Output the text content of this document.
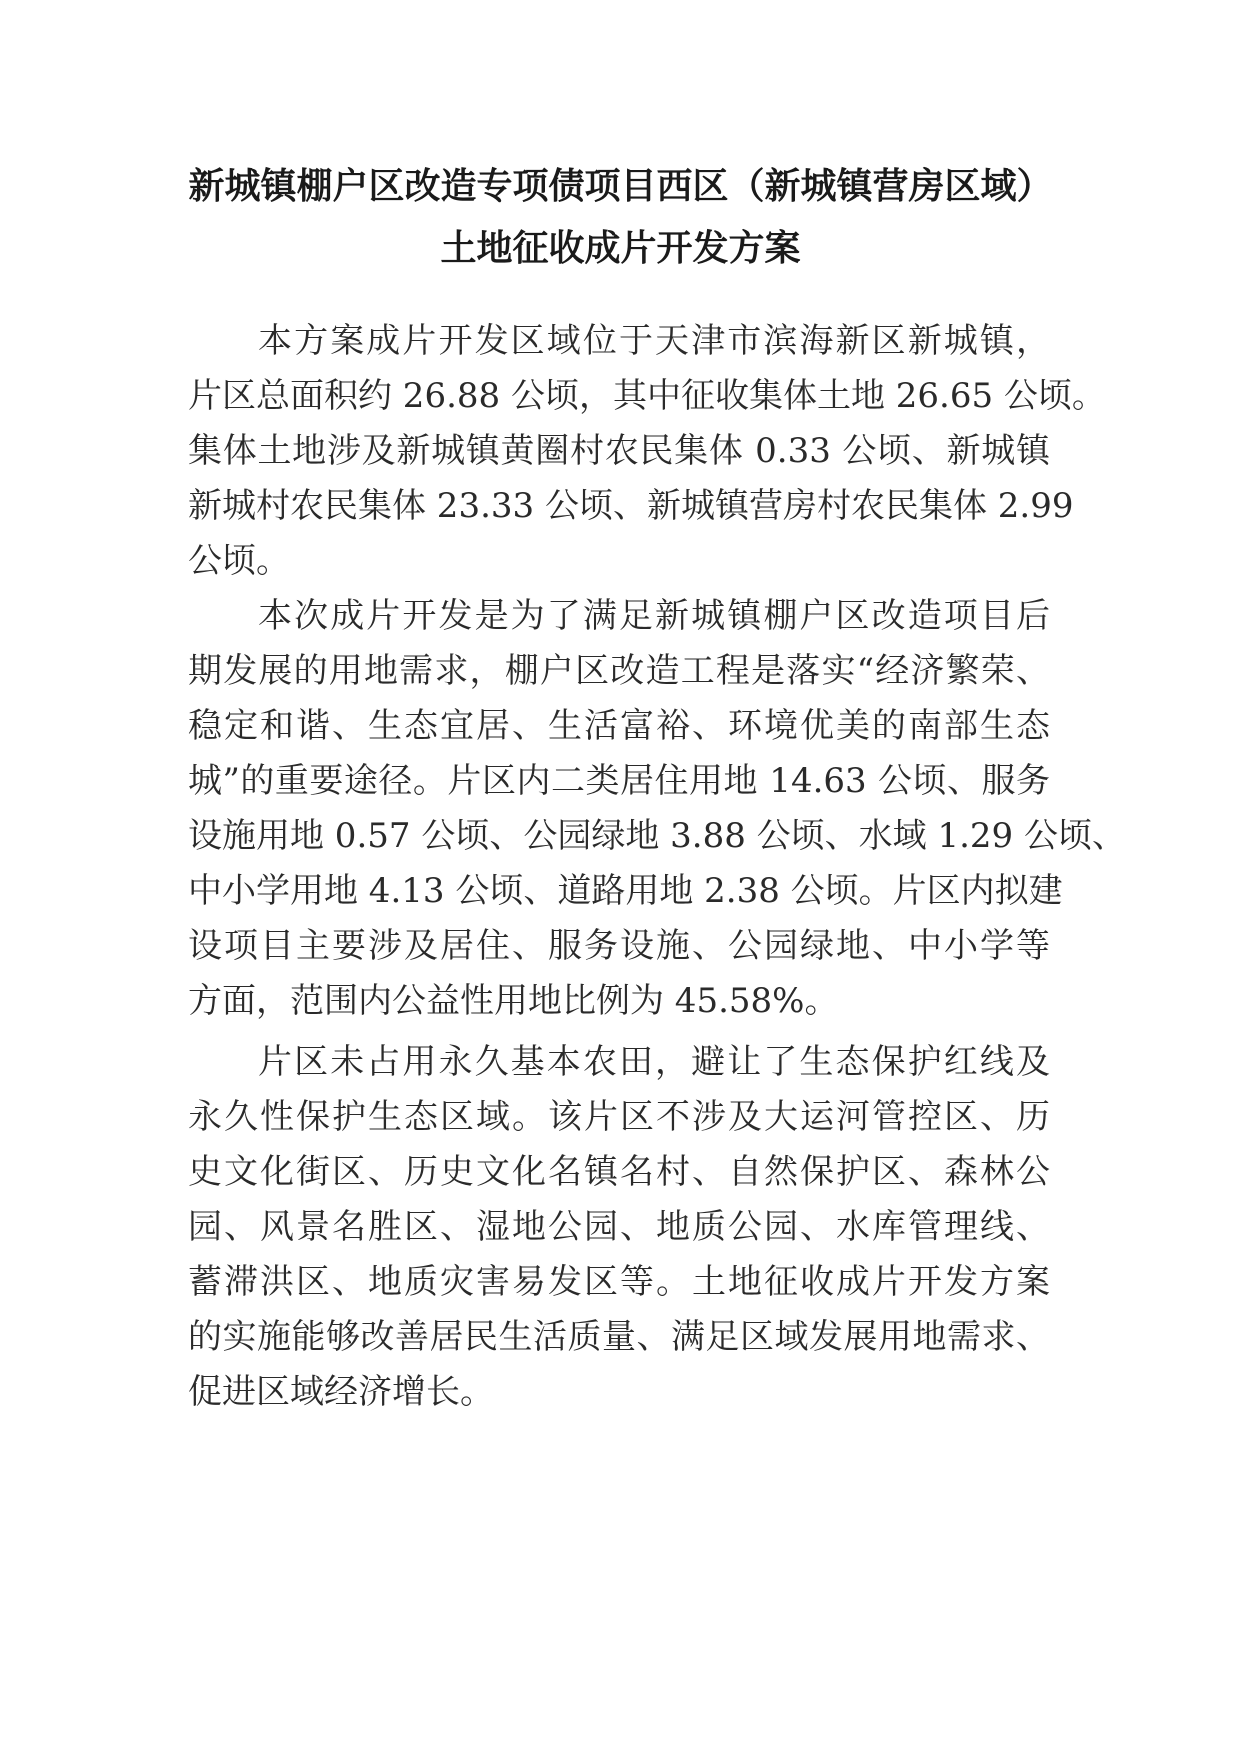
新城镇棚户区改造专项债项目西区（新城镇营房区域）
土地征收成片开发方案
本方案成片开发区域位于天津市滨海新区新城镇，
片区总面积约 26.88 公顷，其中征收集体土地 26.65 公顷。
集体土地涉及新城镇黄圈村农民集体 0.33 公顷、新城镇
新城村农民集体 23.33 公顷、新城镇营房村农民集体 2.99
公顷。
本次成片开发是为了满足新城镇棚户区改造项目后
期发展的用地需求，棚户区改造工程是落实“经济繁荣、
稳定和谐、生态宜居、生活富裕、环境优美的南部生态
城”的重要途径。片区内二类居住用地 14.63 公顷、服务
设施用地 0.57 公顷、公园绿地 3.88 公顷、水域 1.29 公顷、
中小学用地 4.13 公顷、道路用地 2.38 公顷。片区内拟建
设项目主要涉及居住、服务设施、公园绿地、中小学等
方面，范围内公益性用地比例为 45.58%。
片区未占用永久基本农田，避让了生态保护红线及
永久性保护生态区域。该片区不涉及大运河管控区、历
史文化街区、历史文化名镇名村、自然保护区、森林公
园、风景名胜区、湿地公园、地质公园、水库管理线、
蓄滞洪区、地质灾害易发区等。土地征收成片开发方案
的实施能够改善居民生活质量、满足区域发展用地需求、
促进区域经济增长。
